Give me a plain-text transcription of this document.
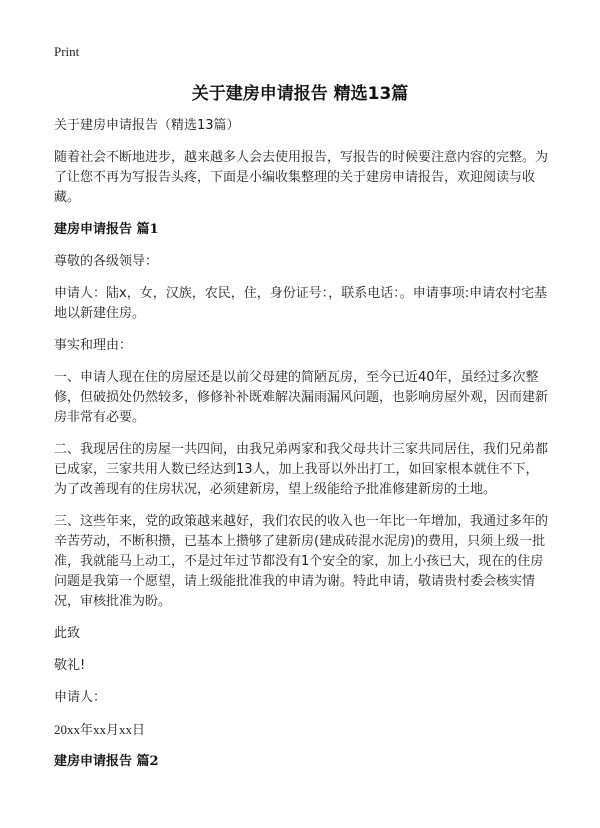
Print
关于建房申请报告 精选13篇

关于建房申请报告（精选13篇）

随着社会不断地进步，越来越多人会去使用报告，写报告的时候要注意内容的完整。为了让您不再为写报告头疼，下面是小编收集整理的关于建房申请报告，欢迎阅读与收藏。

建房申请报告 篇1

尊敬的各级领导：

申请人：陆x，女，汉族，农民，住，身份证号：，联系电话：。申请事项:申请农村宅基地以新建住房。

事实和理由：

一、申请人现在住的房屋还是以前父母建的简陋瓦房，至今已近40年，虽经过多次整修，但破损处仍然较多，修修补补既难解决漏雨漏风问题，也影响房屋外观，因而建新房非常有必要。

二、我现居住的房屋一共四间，由我兄弟两家和我父母共计三家共同居住，我们兄弟都已成家，三家共用人数已经达到13人，加上我哥以外出打工，如回家根本就住不下，为了改善现有的住房状况，必须建新房，望上级能给予批准修建新房的土地。

三、这些年来，党的政策越来越好，我们农民的收入也一年比一年增加，我通过多年的辛苦劳动，不断积攒，已基本上攒够了建新房(建成砖混水泥房)的费用，只须上级一批准，我就能马上动工，不是过年过节都没有1个安全的家，加上小孩已大，现在的住房问题是我第一个愿望，请上级能批准我的申请为谢。特此申请，敬请贵村委会核实情况，审核批准为盼。

此致

敬礼!

申请人：

20xx年xx月xx日

建房申请报告 篇2
